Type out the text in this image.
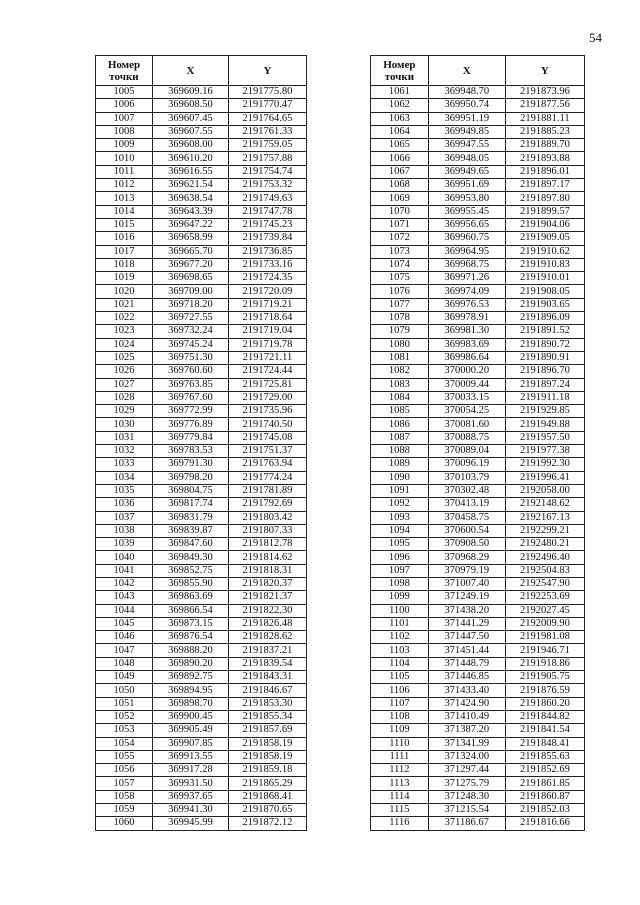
54
Номер
точки	X	Y
1005	369609.16	2191775.80
1006	369608.50	2191770.47
1007	369607.45	2191764.65
1008	369607.55	2191761.33
1009	369608.00	2191759.05
1010	369610.20	2191757.88
1011	369616.55	2191754.74
1012	369621.54	2191753.32
1013	369638.54	2191749.63
1014	369643.39	2191747.78
1015	369647.22	2191745.23
1016	369658.99	2191739.84
1017	369665.70	2191736.85
1018	369677.20	2191733.16
1019	369698.65	2191724.35
1020	369709.00	2191720.09
1021	369718.20	2191719.21
1022	369727.55	2191718.64
1023	369732.24	2191719.04
1024	369745.24	2191719.78
1025	369751.30	2191721.11
1026	369760.60	2191724.44
1027	369763.85	2191725.81
1028	369767.60	2191729.00
1029	369772.99	2191735.96
1030	369776.89	2191740.50
1031	369779.84	2191745.08
1032	369783.53	2191751.37
1033	369791.30	2191763.94
1034	369798.20	2191774.24
1035	369804.75	2191781.89
1036	369817.74	2191792.69
1037	369831.79	2191803.42
1038	369839.87	2191807.33
1039	369847.60	2191812.78
1040	369849.30	2191814.62
1041	369852.75	2191818.31
1042	369855.90	2191820.37
1043	369863.69	2191821.37
1044	369866.54	2191822.30
1045	369873.15	2191826.48
1046	369876.54	2191828.62
1047	369888.20	2191837.21
1048	369890.20	2191839.54
1049	369892.75	2191843.31
1050	369894.95	2191846.67
1051	369898.70	2191853.30
1052	369900.45	2191855.34
1053	369905.49	2191857.69
1054	369907.85	2191858.19
1055	369913.55	2191858.19
1056	369917.28	2191859.18
1057	369931.50	2191865.29
1058	369937.65	2191868.41
1059	369941.30	2191870.65
1060	369945.99	2191872.12
Номер
точки	X	Y
1061	369948.70	2191873.96
1062	369950.74	2191877.56
1063	369951.19	2191881.11
1064	369949.85	2191885.23
1065	369947.55	2191889.70
1066	369948.05	2191893.88
1067	369949.65	2191896.01
1068	369951.69	2191897.17
1069	369953.80	2191897.80
1070	369955.45	2191899.57
1071	369956.65	2191904.06
1072	369960.75	2191909.05
1073	369964.95	2191910.62
1074	369968.75	2191910.83
1075	369971.26	2191910.01
1076	369974.09	2191908.05
1077	369976.53	2191903.65
1078	369978.91	2191896.09
1079	369981.30	2191891.52
1080	369983.69	2191890.72
1081	369986.64	2191890.91
1082	370000.20	2191896.70
1083	370009.44	2191897.24
1084	370033.15	2191911.18
1085	370054.25	2191929.85
1086	370081.60	2191949.88
1087	370088.75	2191957.50
1088	370089.04	2191977.38
1089	370096.19	2191992.30
1090	370103.79	2191996.41
1091	370302.48	2192058.00
1092	370413.19	2192148.62
1093	370458.75	2192167.13
1094	370600.54	2192299.21
1095	370908.50	2192480.21
1096	370968.29	2192496.40
1097	370979.19	2192504.83
1098	371007.40	2192547.90
1099	371249.19	2192253.69
1100	371438.20	2192027.45
1101	371441.29	2192009.90
1102	371447.50	2191981.08
1103	371451.44	2191946.71
1104	371448.79	2191918.86
1105	371446.85	2191905.75
1106	371433.40	2191876.59
1107	371424.90	2191860.20
1108	371410.49	2191844.82
1109	371387.20	2191841.54
1110	371341.99	2191848.41
1111	371324.00	2191855.63
1112	371297.44	2191852.69
1113	371275.79	2191861.85
1114	371248.30	2191860.87
1115	371215.54	2191852.03
1116	371186.67	2191816.66
